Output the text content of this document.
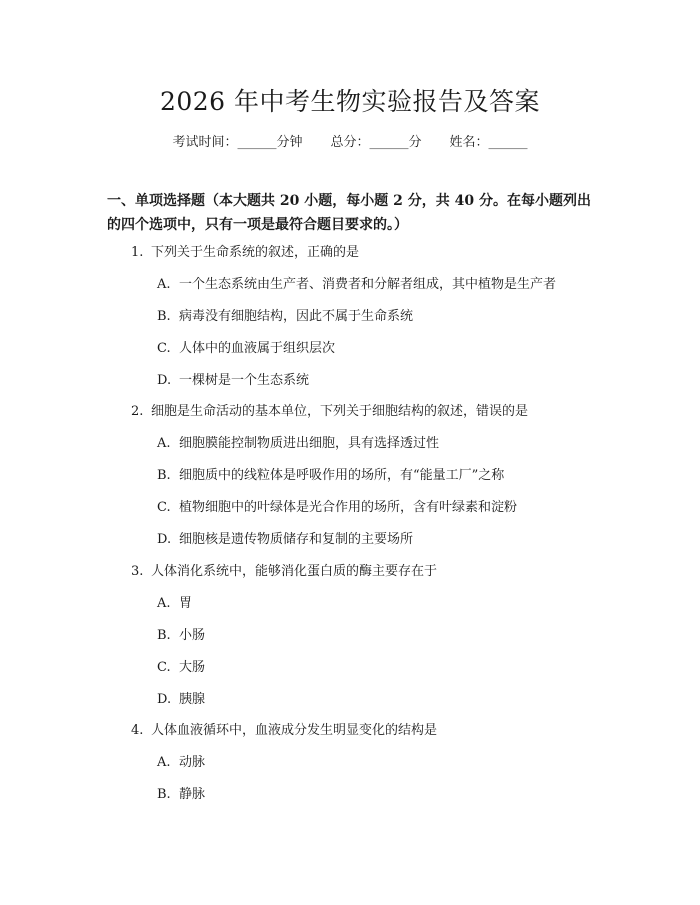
2026 年中考生物实验报告及答案
考试时间：______分钟 总分：______分 姓名：______

一、单项选择题（本大题共 20 小题，每小题 2 分，共 40 分。在每小题列出的四个选项中，只有一项是最符合题目要求的。）

1. 下列关于生命系统的叙述，正确的是
A. 一个生态系统由生产者、消费者和分解者组成，其中植物是生产者
B. 病毒没有细胞结构，因此不属于生命系统
C. 人体中的血液属于组织层次
D. 一棵树是一个生态系统
2. 细胞是生命活动的基本单位，下列关于细胞结构的叙述，错误的是
A. 细胞膜能控制物质进出细胞，具有选择透过性
B. 细胞质中的线粒体是呼吸作用的场所，有“能量工厂”之称
C. 植物细胞中的叶绿体是光合作用的场所，含有叶绿素和淀粉
D. 细胞核是遗传物质储存和复制的主要场所
3. 人体消化系统中，能够消化蛋白质的酶主要存在于
A. 胃
B. 小肠
C. 大肠
D. 胰腺
4. 人体血液循环中，血液成分发生明显变化的结构是
A. 动脉
B. 静脉
